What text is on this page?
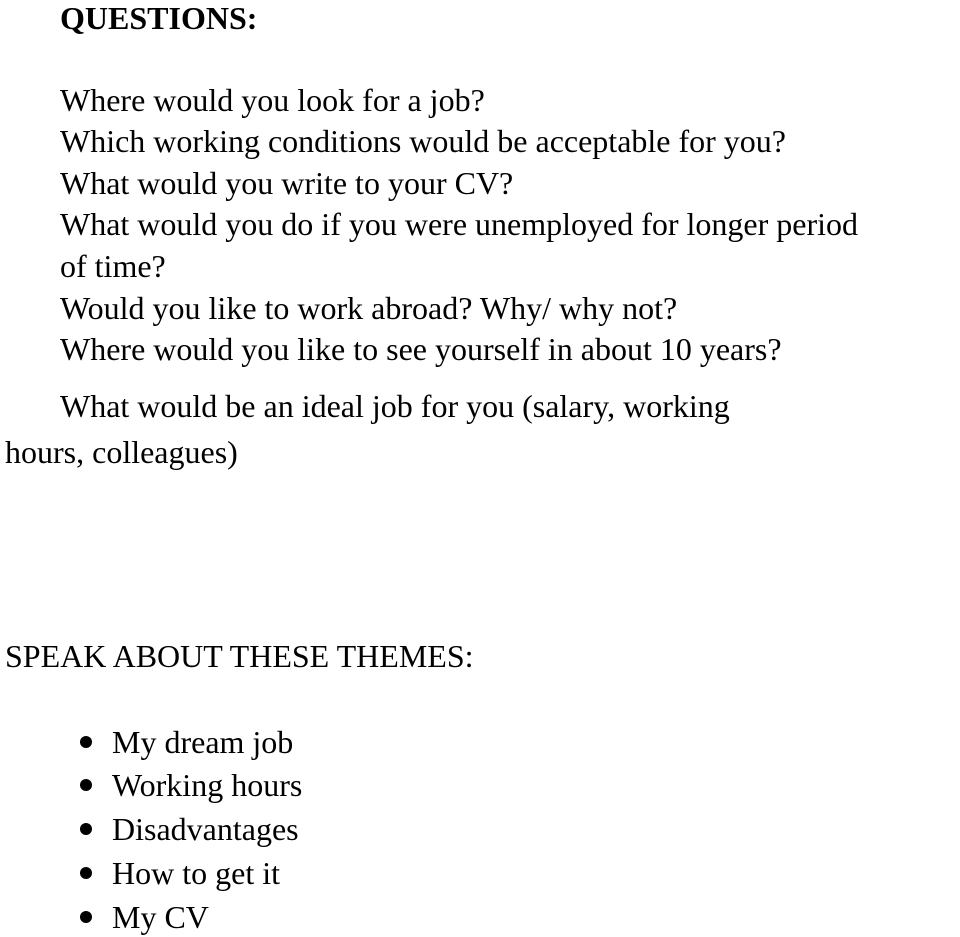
QUESTIONS:
Where would you look for a job?
Which working conditions would be acceptable for you?
What would you write to your CV?
What would you do if you were unemployed for longer period
of time?
Would you like to work abroad? Why/ why not?
Where would you like to see yourself in about 10 years?
What would be an ideal job for you (salary, working
hours, colleagues)
SPEAK ABOUT THESE THEMES:
My dream job
Working hours
Disadvantages
How to get it
My CV
